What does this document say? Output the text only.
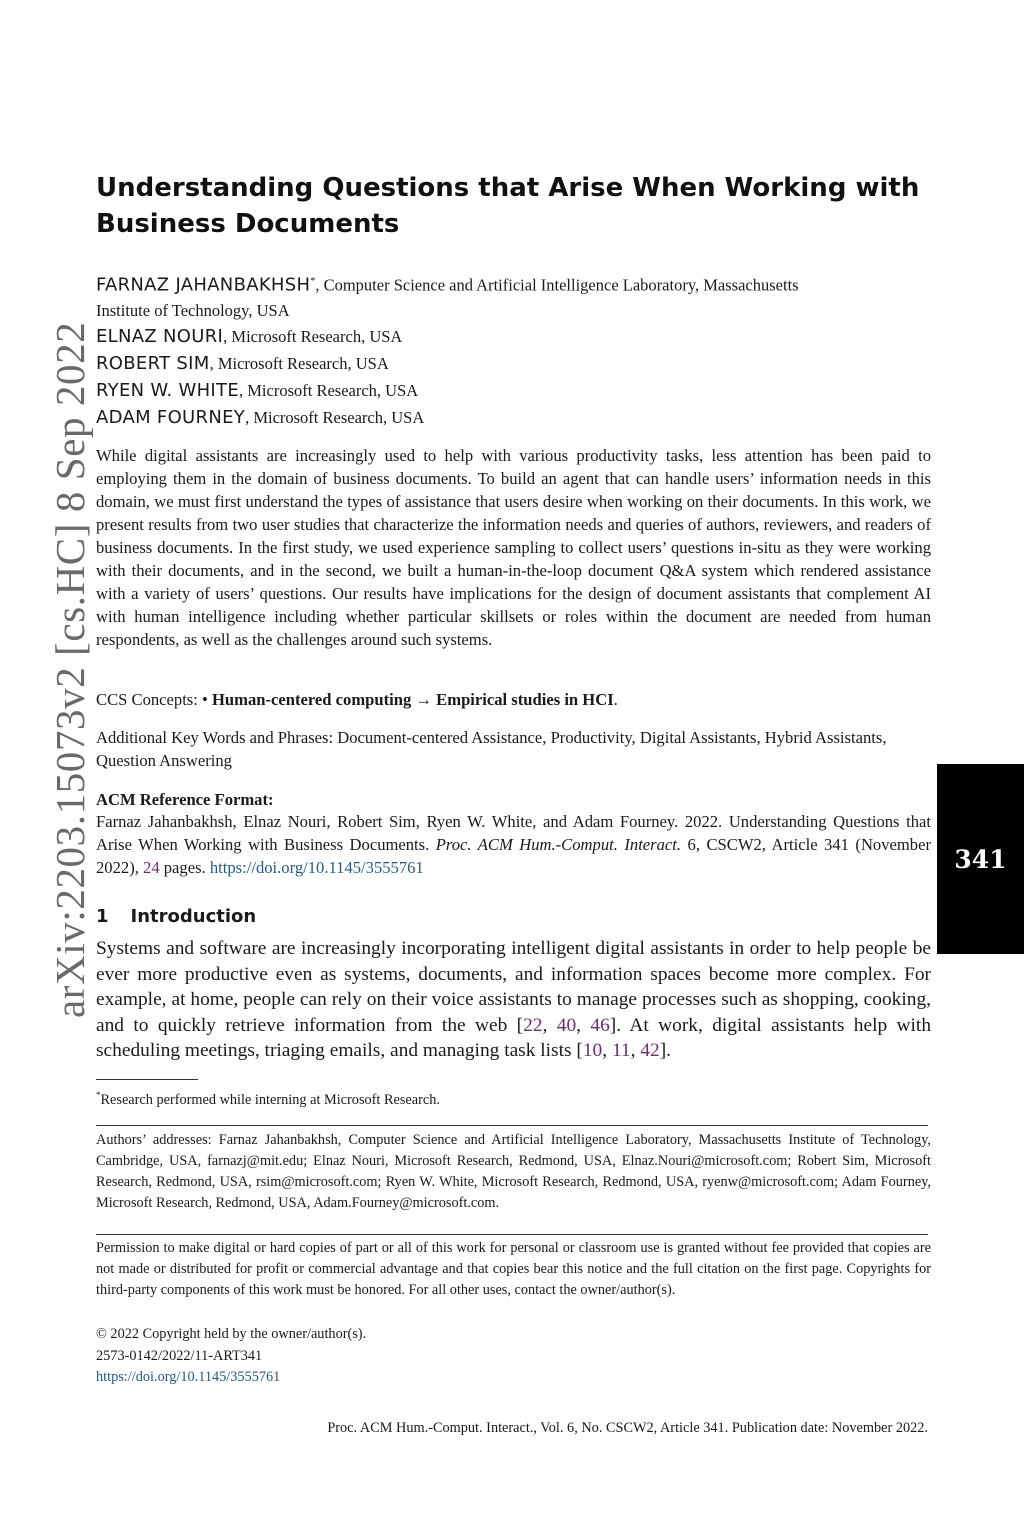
arXiv:2203.15073v2 [cs.HC] 8 Sep 2022
Understanding Questions that Arise When Working with
Business Documents
FARNAZ JAHANBAKHSH*, Computer Science and Artificial Intelligence Laboratory, Massachusetts
Institute of Technology, USA
ELNAZ NOURI, Microsoft Research, USA
ROBERT SIM, Microsoft Research, USA
RYEN W. WHITE, Microsoft Research, USA
ADAM FOURNEY, Microsoft Research, USA
While digital assistants are increasingly used to help with various productivity tasks, less attention has been paid to employing them in the domain of business documents. To build an agent that can handle users’ information needs in this domain, we must first understand the types of assistance that users desire when working on their documents. In this work, we present results from two user studies that characterize the information needs and queries of authors, reviewers, and readers of business documents. In the first study, we used experience sampling to collect users’ questions in-situ as they were working with their documents, and in the second, we built a human-in-the-loop document Q&A system which rendered assistance with a variety of users’ questions. Our results have implications for the design of document assistants that complement AI with human intelligence including whether particular skillsets or roles within the document are needed from human respondents, as well as the challenges around such systems.
CCS Concepts: • Human-centered computing → Empirical studies in HCI.
Additional Key Words and Phrases: Document-centered Assistance, Productivity, Digital Assistants, Hybrid Assistants, Question Answering
ACM Reference Format:
Farnaz Jahanbakhsh, Elnaz Nouri, Robert Sim, Ryen W. White, and Adam Fourney. 2022. Understanding Questions that Arise When Working with Business Documents. Proc. ACM Hum.-Comput. Interact. 6, CSCW2, Article 341 (November 2022), 24 pages. https://doi.org/10.1145/3555761
1 Introduction
Systems and software are increasingly incorporating intelligent digital assistants in order to help people be ever more productive even as systems, documents, and information spaces become more complex. For example, at home, people can rely on their voice assistants to manage processes such as shopping, cooking, and to quickly retrieve information from the web [22, 40, 46]. At work, digital assistants help with scheduling meetings, triaging emails, and managing task lists [10, 11, 42].
*Research performed while interning at Microsoft Research.
Authors’ addresses: Farnaz Jahanbakhsh, Computer Science and Artificial Intelligence Laboratory, Massachusetts Institute of Technology, Cambridge, USA, farnazj@mit.edu; Elnaz Nouri, Microsoft Research, Redmond, USA, Elnaz.Nouri@microsoft.com; Robert Sim, Microsoft Research, Redmond, USA, rsim@microsoft.com; Ryen W. White, Microsoft Research, Redmond, USA, ryenw@microsoft.com; Adam Fourney, Microsoft Research, Redmond, USA, Adam.Fourney@microsoft.com.
Permission to make digital or hard copies of part or all of this work for personal or classroom use is granted without fee provided that copies are not made or distributed for profit or commercial advantage and that copies bear this notice and the full citation on the first page. Copyrights for third-party components of this work must be honored. For all other uses, contact the owner/author(s).
© 2022 Copyright held by the owner/author(s).
2573-0142/2022/11-ART341
https://doi.org/10.1145/3555761
Proc. ACM Hum.-Comput. Interact., Vol. 6, No. CSCW2, Article 341. Publication date: November 2022.
341
